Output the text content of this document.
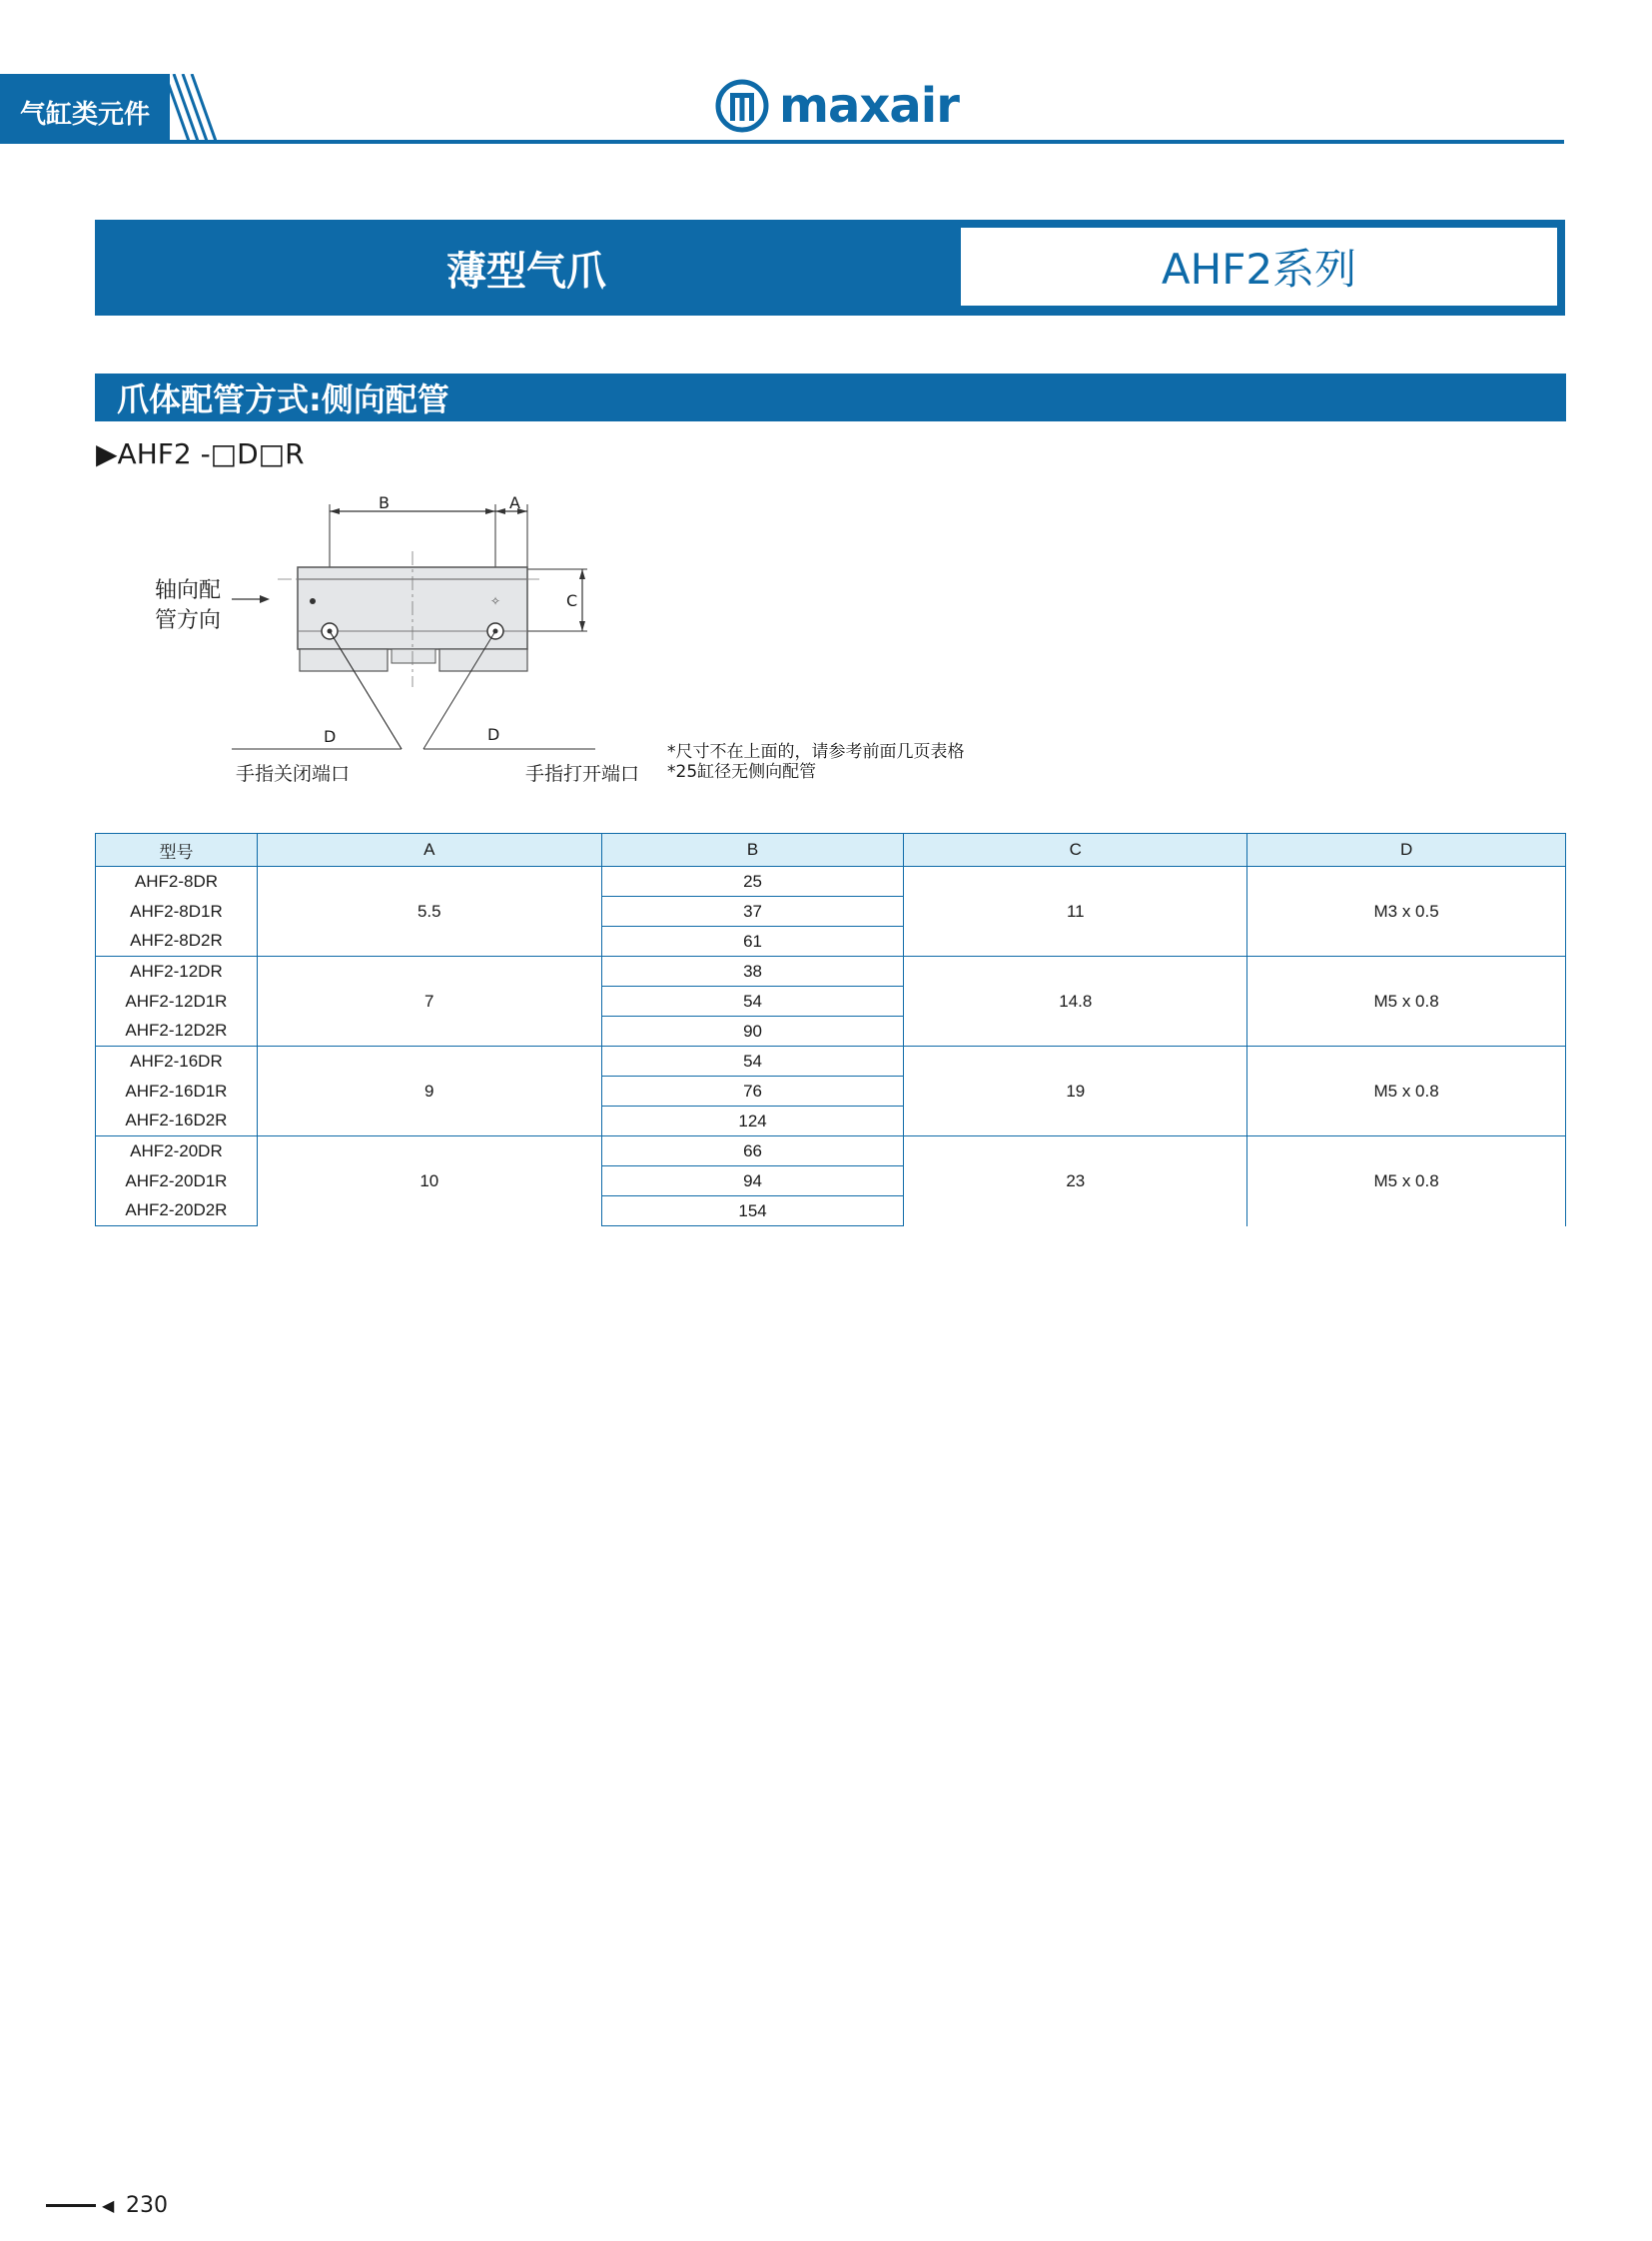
气缸类元件	maxair
薄型气爪	AHF2系列
爪体配管方式:侧向配管
▶AHF2 -□D□R
✧
B	A
C
D	D
轴向配
管方向
手指关闭端口	手指打开端口
*尺寸不在上面的，请参考前面几页表格
*25缸径无侧向配管
型号	A	B	C	D
AHF2-8DR	5.5	25	11	M3 x 0.5
AHF2-8D1R		37		
AHF2-8D2R		61		
AHF2-12DR	7	38	14.8	M5 x 0.8
AHF2-12D1R		54		
AHF2-12D2R		90		
AHF2-16DR	9	54	19	M5 x 0.8
AHF2-16D1R		76		
AHF2-16D2R		124		
AHF2-20DR	10	66	23	M5 x 0.8
AHF2-20D1R		94		
AHF2-20D2R		154		
◀ 230
